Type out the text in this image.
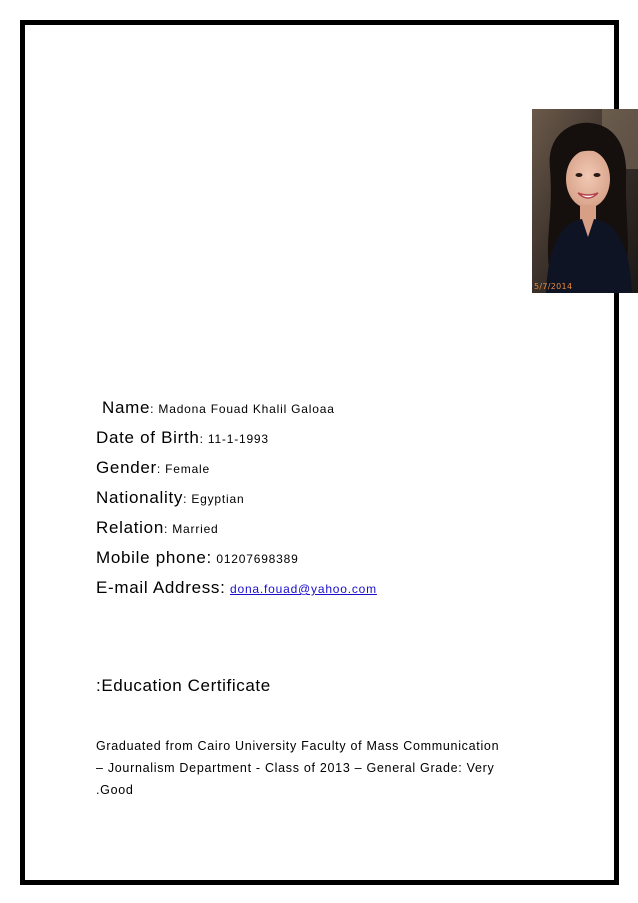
5/7/2014
Name: Madona Fouad Khalil Galoaa
Date of Birth: 11-1-1993
Gender: Female
Nationality: Egyptian
Relation: Married
Mobile phone: 01207698389
E-mail Address: dona.fouad@yahoo.com
:Education Certificate
Graduated from Cairo University Faculty of Mass Communication
– Journalism Department - Class of 2013 – General Grade: Very
.Good
